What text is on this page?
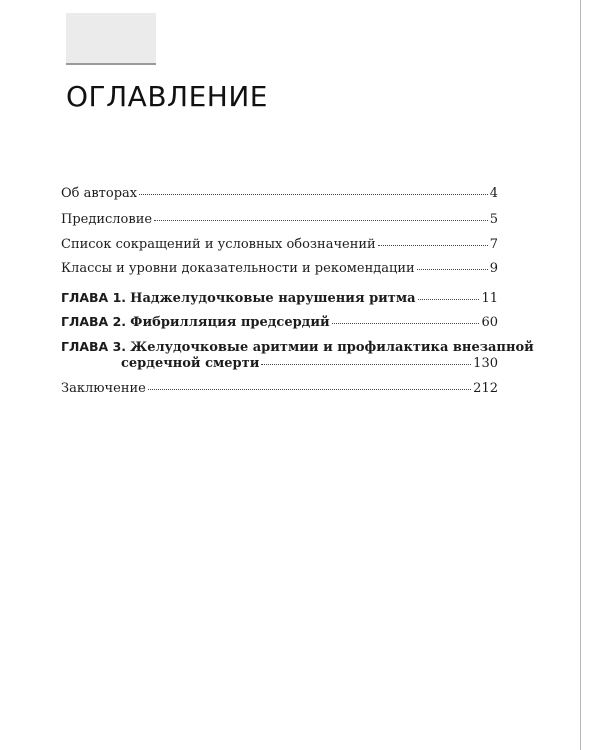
ОГЛАВЛЕНИЕ
Об авторах	4
Предисловие	5
Список сокращений и условных обозначений	7
Классы и уровни доказательности и рекомендации	9
ГЛАВА 1. Наджелудочковые нарушения ритма	11
ГЛАВА 2. Фибрилляция предсердий	60
ГЛАВА 3. Желудочковые аритмии и профилактика внезапной
сердечной смерти	130
Заключение	212
